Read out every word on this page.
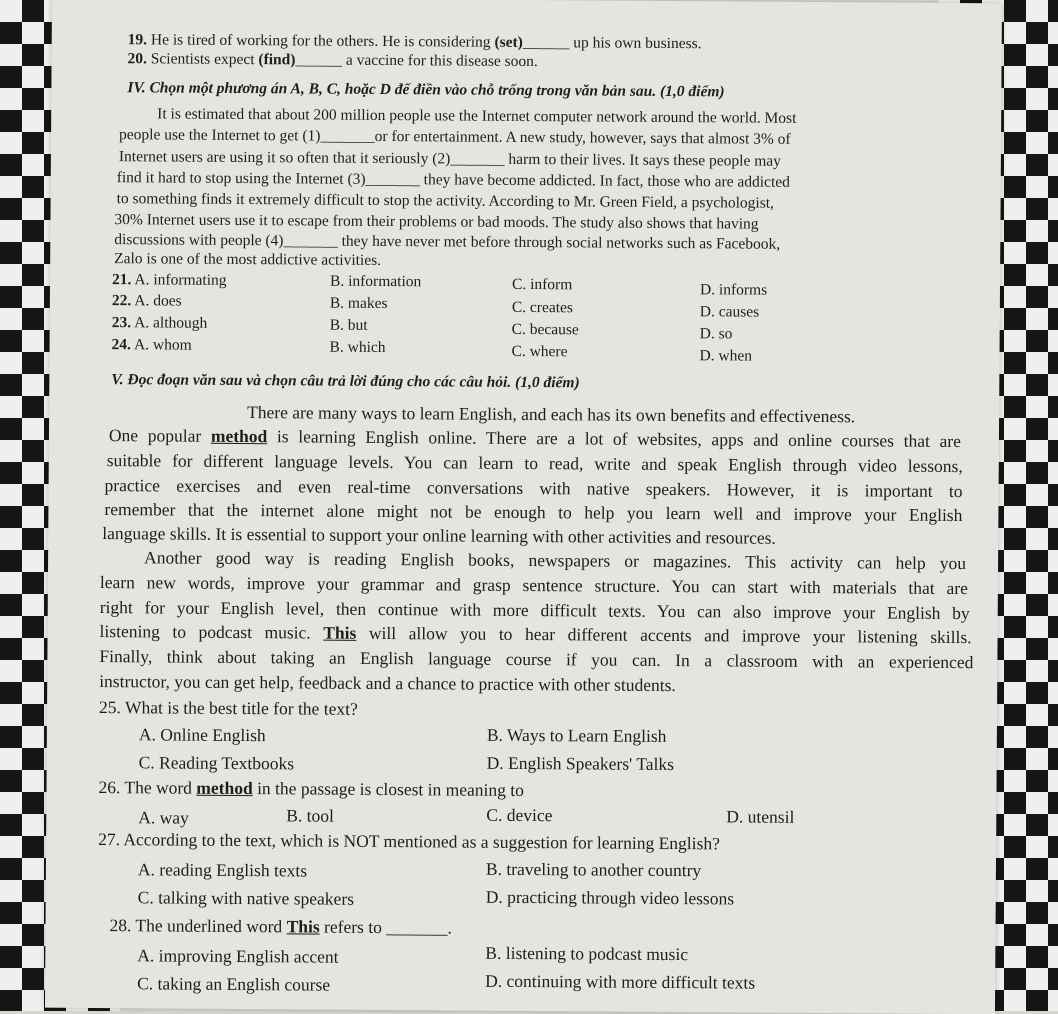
19. He is tired of working for the others. He is considering (set)______ up his own business.
20. Scientists expect (find)______ a vaccine for this disease soon.
IV. Chọn một phương án A, B, C, hoặc D để điền vào chỗ trống trong văn bản sau. (1,0 điểm)
It is estimated that about 200 million people use the Internet computer network around the world. Most
people use the Internet to get (1)_______or for entertainment. A new study, however, says that almost 3% of
Internet users are using it so often that it seriously (2)_______ harm to their lives. It says these people may
find it hard to stop using the Internet (3)_______ they have become addicted. In fact, those who are addicted
to something finds it extremely difficult to stop the activity. According to Mr. Green Field, a psychologist,
30% Internet users use it to escape from their problems or bad moods. The study also shows that having
discussions with people (4)_______ they have never met before through social networks such as Facebook,
Zalo is one of the most addictive activities.
21. A. informating	B. information	C. inform	D. informs
22. A. does	B. makes	C. creates	D. causes
23. A. although	B. but	C. because	D. so
24. A. whom	B. which	C. where	D. when
V. Đọc đoạn văn sau và chọn câu trả lời đúng cho các câu hỏi. (1,0 điểm)
There are many ways to learn English, and each has its own benefits and effectiveness.
One popular method is learning English online. There are a lot of websites, apps and online courses that are
suitable for different language levels. You can learn to read, write and speak English through video lessons,
practice exercises and even real-time conversations with native speakers. However, it is important to
remember that the internet alone might not be enough to help you learn well and improve your English
language skills. It is essential to support your online learning with other activities and resources.
Another good way is reading English books, newspapers or magazines. This activity can help you
learn new words, improve your grammar and grasp sentence structure. You can start with materials that are
right for your English level, then continue with more difficult texts. You can also improve your English by
listening to podcast music. This will allow you to hear different accents and improve your listening skills.
Finally, think about taking an English language course if you can. In a classroom with an experienced
instructor, you can get help, feedback and a chance to practice with other students.
25. What is the best title for the text?
A. Online English	B. Ways to Learn English
C. Reading Textbooks	D. English Speakers' Talks
26. The word method in the passage is closest in meaning to
A. way	B. tool	C. device	D. utensil
27. According to the text, which is NOT mentioned as a suggestion for learning English?
A. reading English texts	B. traveling to another country
C. talking with native speakers	D. practicing through video lessons
28. The underlined word This refers to _______.
A. improving English accent	B. listening to podcast music
C. taking an English course	D. continuing with more difficult texts
